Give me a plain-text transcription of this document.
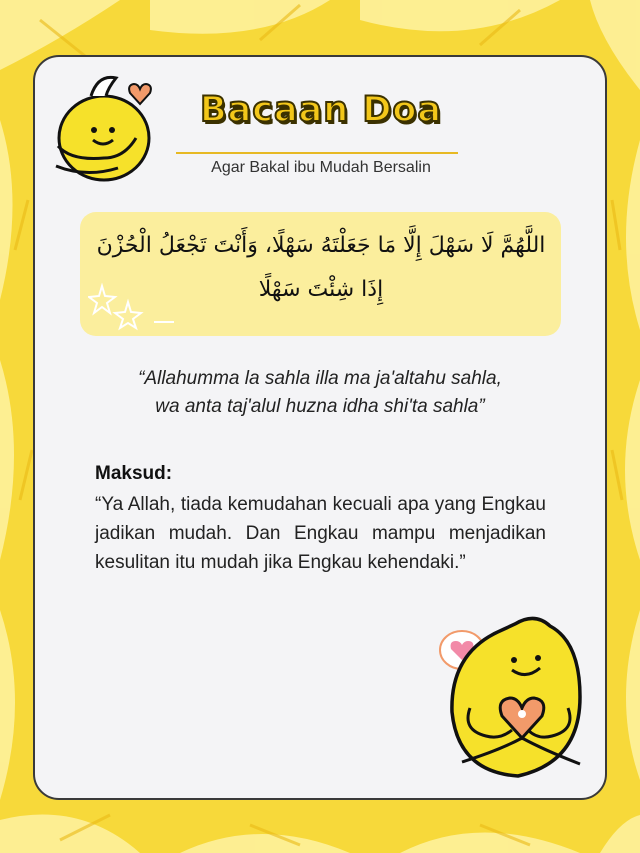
Bacaan Doa
Agar Bakal ibu Mudah Bersalin
اللَّهُمَّ لَا سَهْلَ إِلَّا مَا جَعَلْتَهُ سَهْلًا، وَأَنْتَ تَجْعَلُ الْحُزْنَ إِذَا شِئْتَ سَهْلًا
“Allahumma la sahla illa ma ja'altahu sahla,
wa anta taj'alul huzna idha shi'ta sahla”
Maksud:
“Ya Allah, tiada kemudahan kecuali apa yang Engkau jadikan mudah. Dan Engkau mampu menjadikan kesulitan itu mudah jika Engkau kehendaki.”
